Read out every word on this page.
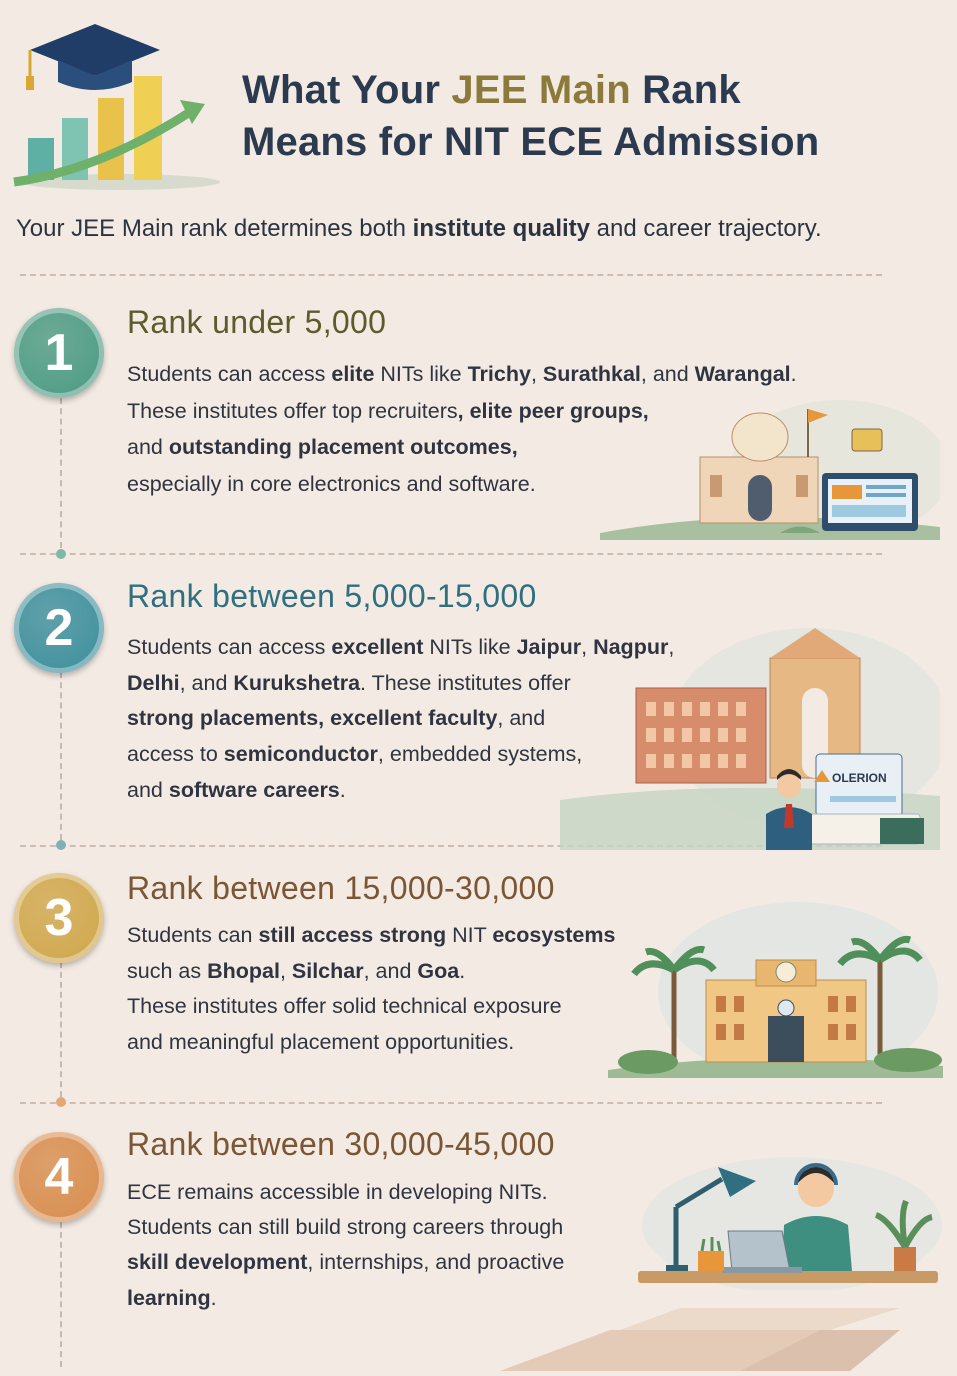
What Your JEE Main Rank
Means for NIT ECE Admission
Your JEE Main rank determines both institute quality and career trajectory.
1
Rank under 5,000

Students can access elite NITs like Trichy, Surathkal, and Warangal.

These institutes offer top recruiters, elite peer groups,

and outstanding placement outcomes,

especially in core electronics and software.

2
Rank between 5,000-15,000

Students can access excellent NITs like Jaipur, Nagpur,

Delhi, and Kurukshetra. These institutes offer

strong placements, excellent faculty, and

access to semiconductor, embedded systems,

and software careers.

3
Rank between 15,000-30,000

Students can still access strong NIT ecosystems

such as Bhopal, Silchar, and Goa.

These institutes offer solid technical exposure

and meaningful placement opportunities.

4
Rank between 30,000-45,000

ECE remains accessible in developing NITs.

Students can still build strong careers through

skill development, internships, and proactive

learning.

OLERION
